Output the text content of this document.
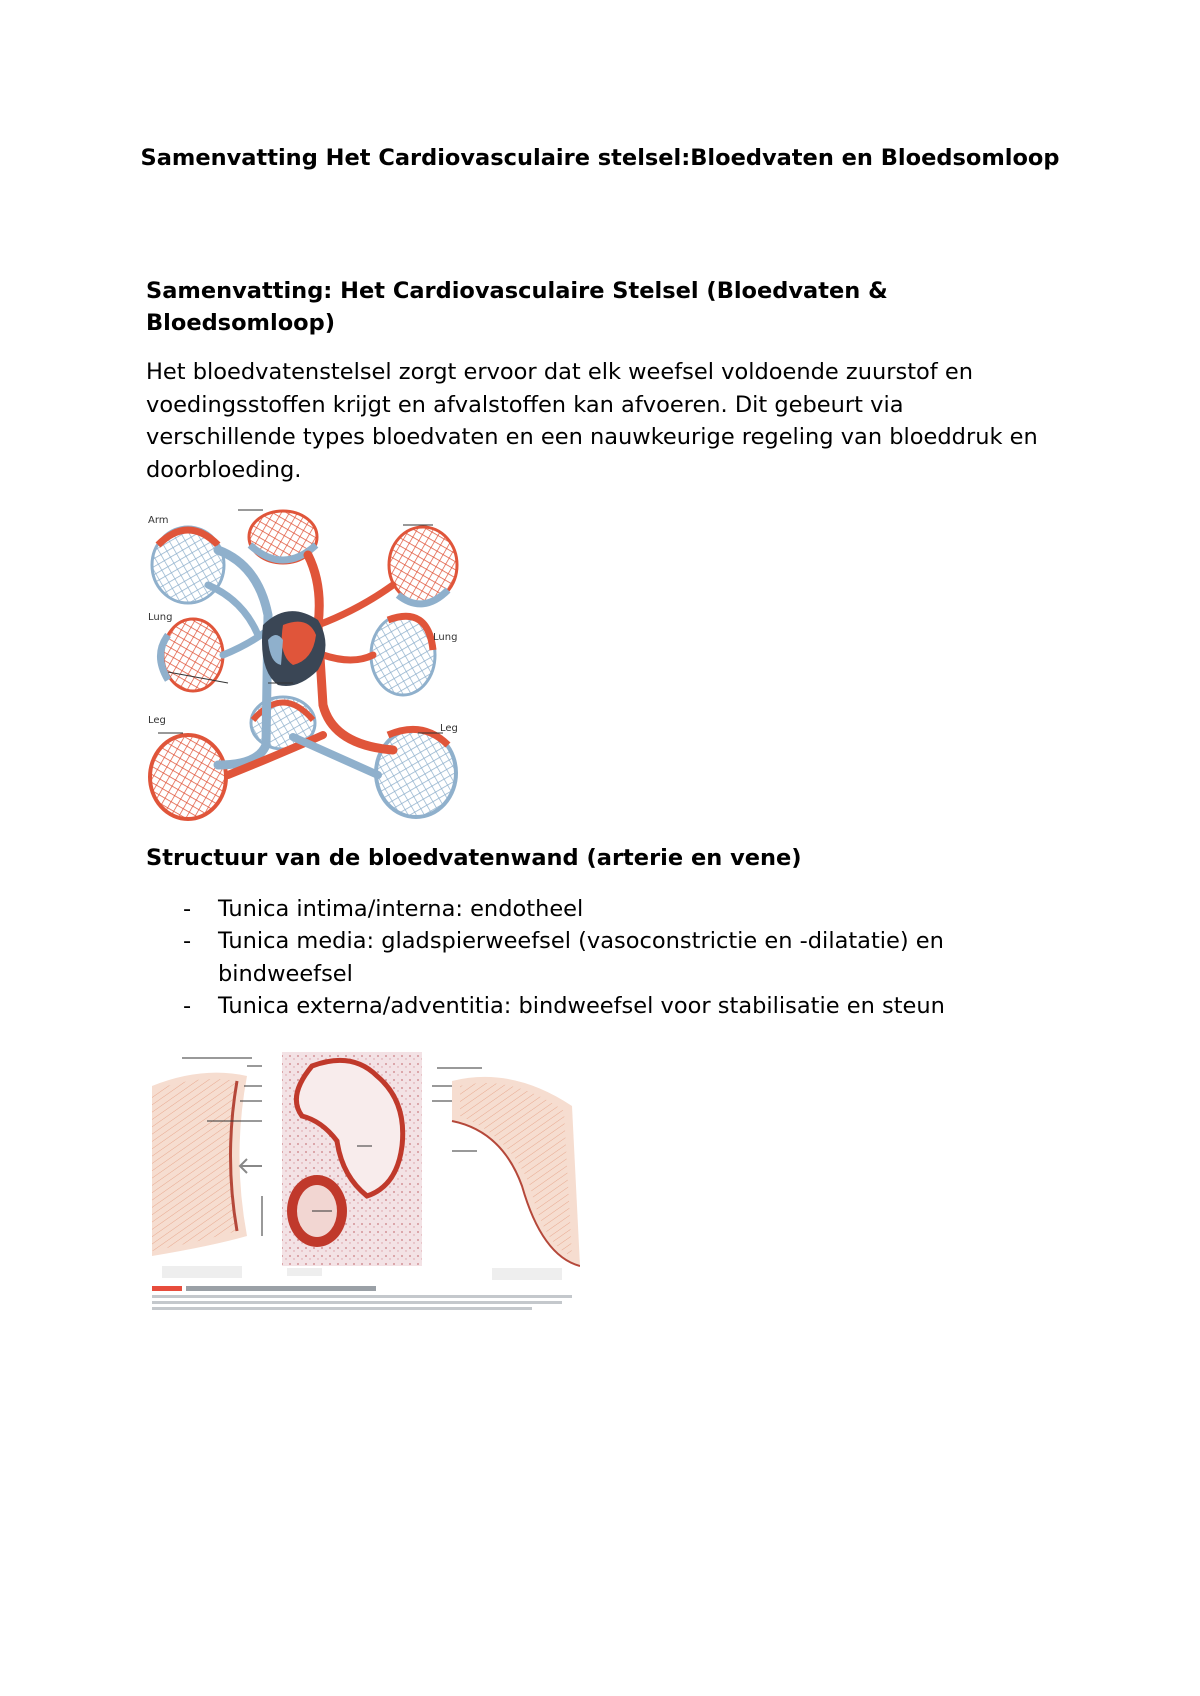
Samenvatting Het Cardiovasculaire stelsel:Bloedvaten en Bloedsomloop
Samenvatting: Het Cardiovasculaire Stelsel (Bloedvaten & Bloedsomloop)

Het bloedvatenstelsel zorgt ervoor dat elk weefsel voldoende zuurstof en voedingsstoffen krijgt en afvalstoffen kan afvoeren. Dit gebeurt via verschillende types bloedvaten en een nauwkeurige regeling van bloeddruk en doorbloeding.

Arm
Lung
Lung
Leg
Leg
Structuur van de bloedvatenwand (arterie en vene)
- Tunica intima/interna: endotheel
- Tunica media: gladspierweefsel (vasoconstrictie en -dilatatie) en bindweefsel
- Tunica externa/adventitia: bindweefsel voor stabilisatie en steun
